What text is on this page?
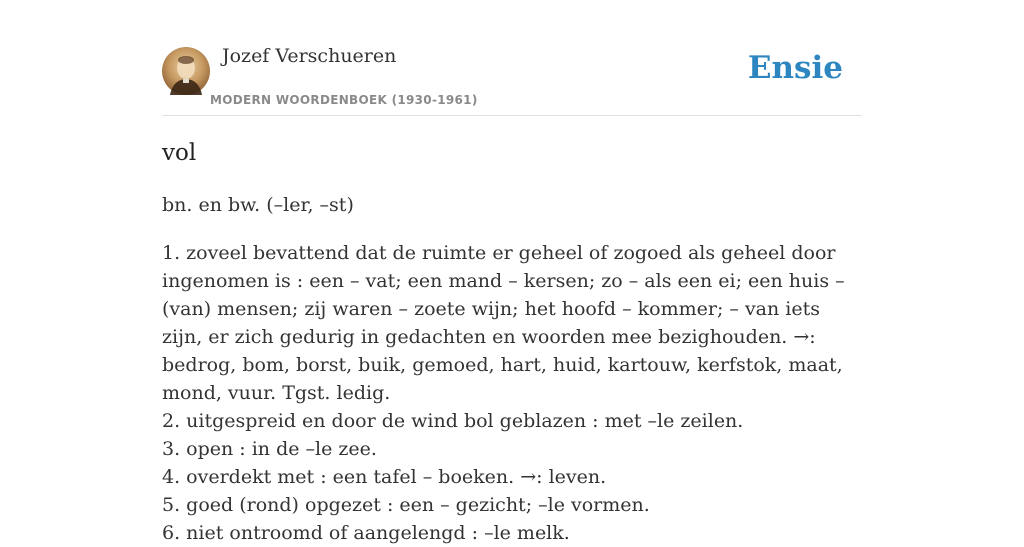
Jozef Verschueren
MODERN WOORDENBOEK (1930-1961)
Ensie
vol
bn. en bw. (–ler, –st)

1. zoveel bevattend dat de ruimte er geheel of zogoed als geheel door ingenomen is : een – vat; een mand – kersen; zo – als een ei; een huis – (van) mensen; zij waren – zoete wijn; het hoofd – kommer; – van iets zijn, er zich gedurig in gedachten en woorden mee bezighouden. →: bedrog, bom, borst, buik, gemoed, hart, huid, kartouw, kerfstok, maat, mond, vuur. Tgst. ledig.

2. uitgespreid en door de wind bol geblazen : met –le zeilen.

3. open : in de –le zee.

4. overdekt met : een tafel – boeken. →: leven.

5. goed (rond) opgezet : een – gezicht; –le vormen.

6. niet ontroomd of aangelengd : –le melk.
